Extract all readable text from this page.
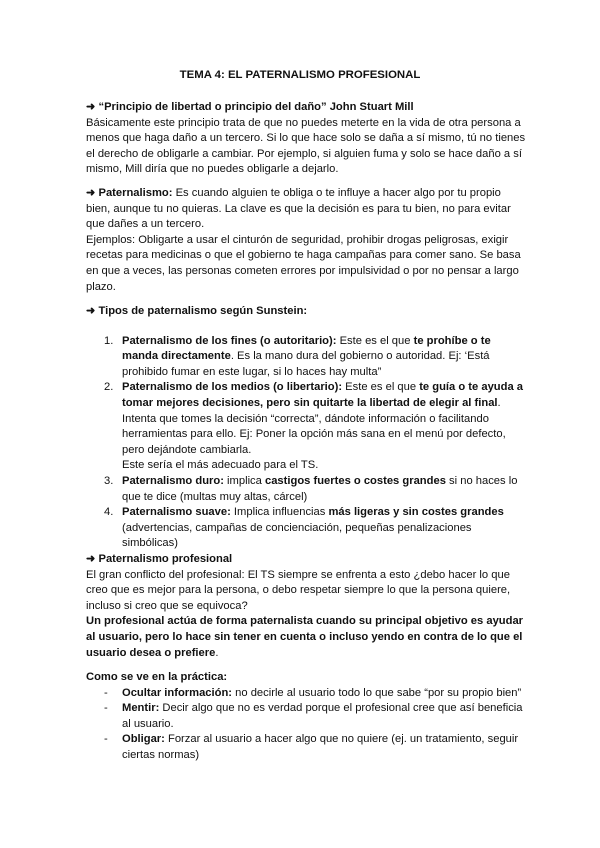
TEMA 4: EL PATERNALISMO PROFESIONAL

➜ “Principio de libertad o principio del daño” John Stuart Mill

Básicamente este principio trata de que no puedes meterte en la vida de otra persona a menos que haga daño a un tercero. Si lo que hace solo se daña a sí mismo, tú no tienes el derecho de obligarle a cambiar. Por ejemplo, si alguien fuma y solo se hace daño a sí mismo, Mill diría que no puedes obligarle a dejarlo.

➜ Paternalismo: Es cuando alguien te obliga o te influye a hacer algo por tu propio bien, aunque tu no quieras. La clave es que la decisión es para tu bien, no para evitar que dañes a un tercero.

Ejemplos: Obligarte a usar el cinturón de seguridad, prohibir drogas peligrosas, exigir recetas para medicinas o que el gobierno te haga campañas para comer sano. Se basa en que a veces, las personas cometen errores por impulsividad o por no pensar a largo plazo.

➜ Tipos de paternalismo según Sunstein:

1. Paternalismo de los fines (o autoritario): Este es el que te prohíbe o te manda directamente. Es la mano dura del gobierno o autoridad. Ej: ‘Está prohibido fumar en este lugar, si lo haces hay multa”
2. Paternalismo de los medios (o libertario): Este es el que te guía o te ayuda a tomar mejores decisiones, pero sin quitarte la libertad de elegir al final. Intenta que tomes la decisión “correcta”, dándote información o facilitando herramientas para ello. Ej: Poner la opción más sana en el menú por defecto, pero dejándote cambiarla.
Este sería el más adecuado para el TS.
3. Paternalismo duro: implica castigos fuertes o costes grandes si no haces lo que te dice (multas muy altas, cárcel)
4. Paternalismo suave: Implica influencias más ligeras y sin costes grandes (advertencias, campañas de concienciación, pequeñas penalizaciones simbólicas)

➜ Paternalismo profesional

El gran conflicto del profesional: El TS siempre se enfrenta a esto ¿debo hacer lo que creo que es mejor para la persona, o debo respetar siempre lo que la persona quiere, incluso si creo que se equivoca?

Un profesional actúa de forma paternalista cuando su principal objetivo es ayudar al usuario, pero lo hace sin tener en cuenta o incluso yendo en contra de lo que el usuario desea o prefiere.

Como se ve en la práctica:

- Ocultar información: no decirle al usuario todo lo que sabe “por su propio bien”
- Mentir: Decir algo que no es verdad porque el profesional cree que así beneficia al usuario.
- Obligar: Forzar al usuario a hacer algo que no quiere (ej. un tratamiento, seguir ciertas normas)
